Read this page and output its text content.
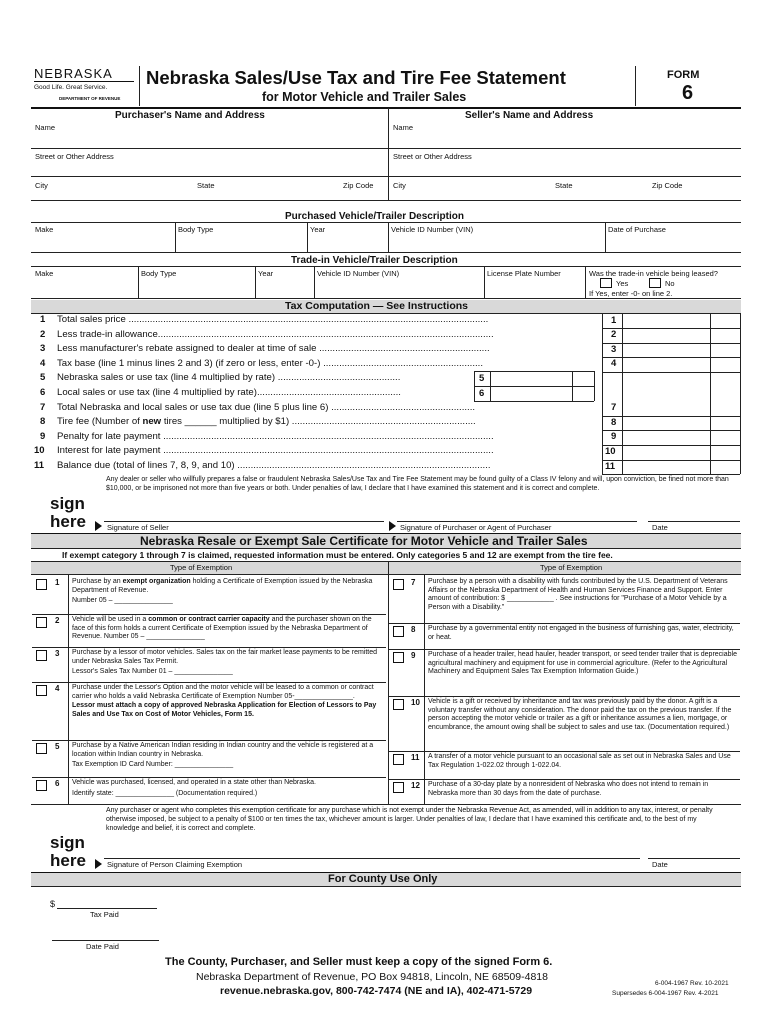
NEBRASKA
Good Life. Great Service.
DEPARTMENT OF REVENUE
Nebraska Sales/Use Tax and Tire Fee Statement
for Motor Vehicle and Trailer Sales
FORM
6
Purchaser's Name and Address	Seller's Name and Address
Name	Name
Street or Other Address	Street or Other Address
City	State	Zip Code	City	State	Zip Code
Purchased Vehicle/Trailer Description
Make	Body Type	Year	Vehicle ID Number (VIN)	Date of Purchase
Trade-in Vehicle/Trailer Description
Make	Body Type	Year	Vehicle ID Number (VIN)	License Plate Number	Was the trade-in vehicle being leased?
Yes	No
If Yes, enter -0- on line 2.
Tax Computation — See Instructions
1 Total sales price .......................................................................................................................................	1
2 Less trade-in allowance..............................................................................................................................	2
3 Less manufacturer's rebate assigned to dealer at time of sale ................................................................	3
4 Tax base (line 1 minus lines 2 and 3) (if zero or less, enter -0-) ............................................................	4
5 Nebraska sales or use tax (line 4 multiplied by rate) ..............................................	5
6 Local sales or use tax (line 4 multiplied by rate)......................................................	6
7 Total Nebraska and local sales or use tax due (line 5 plus line 6) ......................................................	7
8 Tire fee (Number of new tires ______ multiplied by $1) .....................................................................	8
9 Penalty for late payment ............................................................................................................................	9
10 Interest for late payment ............................................................................................................................	10
11 Balance due (total of lines 7, 8, 9, and 10) ...............................................................................................	11
Any dealer or seller who willfully prepares a false or fraudulent Nebraska Sales/Use Tax and Tire Fee Statement may be found guilty of a Class IV felony and will, upon conviction, be fined not more than $10,000, or be imprisoned not more than five years or both. Under penalties of law, I declare that I have examined this statement and it is correct and complete.
sign
here	Signature of Seller	Signature of Purchaser or Agent of Purchaser	Date
Nebraska Resale or Exempt Sale Certificate for Motor Vehicle and Trailer Sales
If exempt category 1 through 7 is claimed, requested information must be entered. Only categories 5 and 12 are exempt from the tire fee.
Type of Exemption	Type of Exemption
1 Purchase by an exempt organization holding a Certificate of Exemption issued by the Nebraska Department of Revenue.
Number 05 – _______________
2 Vehicle will be used in a common or contract carrier capacity and the purchaser shown on the face of this form holds a current Certificate of Exemption issued by the Nebraska Department of Revenue. Number 05 – _______________
3 Purchase by a lessor of motor vehicles. Sales tax on the fair market lease payments to be remitted under Nebraska Sales Tax Permit.
Lessor's Sales Tax Number 01 – _______________
4 Purchase under the Lessor's Option and the motor vehicle will be leased to a common or contract carrier who holds a valid Nebraska Certificate of Exemption Number 05-_______________.
Lessor must attach a copy of approved Nebraska Application for Election of Lessors to Pay Sales and Use Tax on Cost of Motor Vehicles, Form 15.
5 Purchase by a Native American Indian residing in Indian country and the vehicle is registered at a location within Indian country in Nebraska.
Tax Exemption ID Card Number: _______________
6 Vehicle was purchased, licensed, and operated in a state other than Nebraska.
Identify state: _______________ (Documentation required.)
7 Purchase by a person with a disability with funds contributed by the U.S. Department of Veterans Affairs or the Nebraska Department of Health and Human Services Finance and Support. Enter amount of contribution: $ ____________ . See instructions for "Purchase of a Motor Vehicle by a Person with a Disability."
8 Purchase by a governmental entity not engaged in the business of furnishing gas, water, electricity, or heat.
9 Purchase of a header trailer, head hauler, header transport, or seed tender trailer that is depreciable agricultural machinery and equipment for use in commercial agriculture. (Refer to the Agricultural Machinery and Equipment Sales Tax Exemption Information Guide.)
10 Vehicle is a gift or received by inheritance and tax was previously paid by the donor. A gift is a voluntary transfer without any consideration. The donor paid the tax on the previous transfer. If the person accepting the motor vehicle or trailer as a gift or inheritance assumes a lien, mortgage, or encumbrance, the amount owing shall be subject to sales and use tax. (Documentation required.)
11 A transfer of a motor vehicle pursuant to an occasional sale as set out in Nebraska Sales and Use Tax Regulation 1-022.02 through 1-022.04.
12 Purchase of a 30-day plate by a nonresident of Nebraska who does not intend to remain in Nebraska more than 30 days from the date of purchase.
Any purchaser or agent who completes this exemption certificate for any purchase which is not exempt under the Nebraska Revenue Act, as amended, will in addition to any tax, interest, or penalty otherwise imposed, be subject to a penalty of $100 or ten times the tax, whichever amount is larger. Under penalties of law, I declare that I have examined this certificate and, to the best of my knowledge and belief, it is correct and complete.
sign
here	Signature of Person Claiming Exemption	Date
For County Use Only
$
Tax Paid
Date Paid
The County, Purchaser, and Seller must keep a copy of the signed Form 6.
Nebraska Department of Revenue, PO Box 94818, Lincoln, NE 68509-4818
revenue.nebraska.gov, 800-742-7474 (NE and IA), 402-471-5729
6-004-1967 Rev. 10-2021
Supersedes 6-004-1967 Rev. 4-2021
